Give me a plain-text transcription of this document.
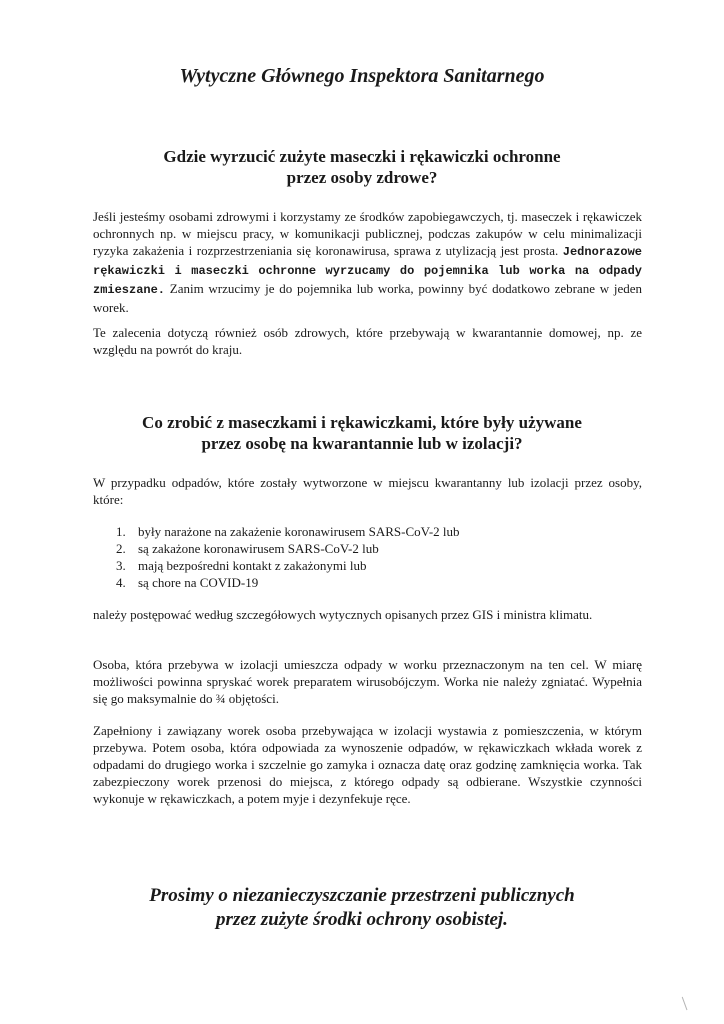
Wytyczne Głównego Inspektora Sanitarnego
Gdzie wyrzucić zużyte maseczki i rękawiczki ochronne
przez osoby zdrowe?

Jeśli jesteśmy osobami zdrowymi i korzystamy ze środków zapobiegawczych, tj. maseczek i rękawiczek ochronnych np. w miejscu pracy, w komunikacji publicznej, podczas zakupów w celu minimalizacji ryzyka zakażenia i rozprzestrzeniania się koronawirusa, sprawa z utylizacją jest prosta. Jednorazowe rękawiczki i maseczki ochronne wyrzucamy do pojemnika lub worka na odpady zmieszane. Zanim wrzucimy je do pojemnika lub worka, powinny być dodatkowo zebrane w jeden worek.

Te zalecenia dotyczą również osób zdrowych, które przebywają w kwarantannie domowej, np. ze względu na powrót do kraju.
Co zrobić z maseczkami i rękawiczkami, które były używane
przez osobę na kwarantannie lub w izolacji?
W przypadku odpadów, które zostały wytworzone w miejscu kwarantanny lub izolacji przez osoby, które:
1. były narażone na zakażenie koronawirusem SARS-CoV-2 lub
2. są zakażone koronawirusem SARS-CoV-2 lub
3. mają bezpośredni kontakt z zakażonymi lub
4. są chore na COVID-19
należy postępować według szczegółowych wytycznych opisanych przez GIS i ministra klimatu.
Osoba, która przebywa w izolacji umieszcza odpady w worku przeznaczonym na ten cel. W miarę możliwości powinna spryskać worek preparatem wirusobójczym. Worka nie należy zgniatać. Wypełnia się go maksymalnie do ¾ objętości.
Zapełniony i zawiązany worek osoba przebywająca w izolacji wystawia z pomieszczenia, w którym przebywa. Potem osoba, która odpowiada za wynoszenie odpadów, w rękawiczkach wkłada worek z odpadami do drugiego worka i szczelnie go zamyka i oznacza datę oraz godzinę zamknięcia worka. Tak zabezpieczony worek przenosi do miejsca, z którego odpady są odbierane. Wszystkie czynności wykonuje w rękawiczkach, a potem myje i dezynfekuje ręce.
Prosimy o niezanieczyszczanie przestrzeni publicznych
przez zużyte środki ochrony osobistej.
